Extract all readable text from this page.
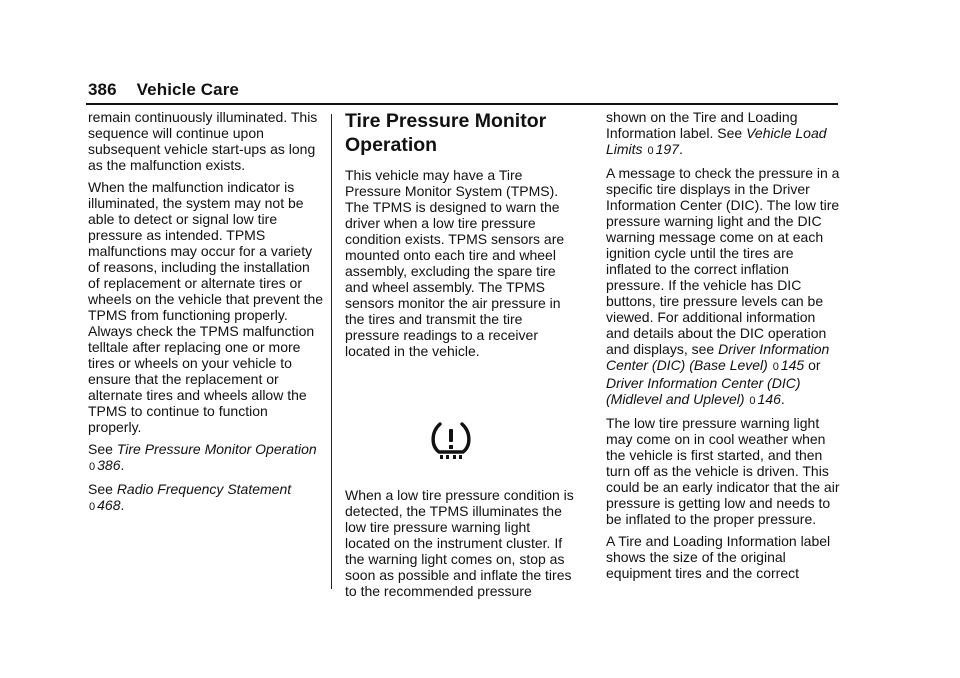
386 Vehicle Care

remain continuously illuminated. This sequence will continue upon subsequent vehicle start-ups as long as the malfunction exists.

When the malfunction indicator is illuminated, the system may not be able to detect or signal low tire pressure as intended. TPMS malfunctions may occur for a variety of reasons, including the installation of replacement or alternate tires or wheels on the vehicle that prevent the TPMS from functioning properly. Always check the TPMS malfunction telltale after replacing one or more tires or wheels on your vehicle to ensure that the replacement or alternate tires and wheels allow the TPMS to continue to function properly.

See Tire Pressure Monitor Operation 0 386.

See Radio Frequency Statement 0 468.

Tire Pressure Monitor Operation

This vehicle may have a Tire Pressure Monitor System (TPMS). The TPMS is designed to warn the driver when a low tire pressure condition exists. TPMS sensors are mounted onto each tire and wheel assembly, excluding the spare tire and wheel assembly. The TPMS sensors monitor the air pressure in the tires and transmit the tire pressure readings to a receiver located in the vehicle.

When a low tire pressure condition is detected, the TPMS illuminates the low tire pressure warning light located on the instrument cluster. If the warning light comes on, stop as soon as possible and inflate the tires to the recommended pressure

shown on the Tire and Loading Information label. See Vehicle Load Limits 0 197.

A message to check the pressure in a specific tire displays in the Driver Information Center (DIC). The low tire pressure warning light and the DIC warning message come on at each ignition cycle until the tires are inflated to the correct inflation pressure. If the vehicle has DIC buttons, tire pressure levels can be viewed. For additional information and details about the DIC operation and displays, see Driver Information Center (DIC) (Base Level) 0 145 or Driver Information Center (DIC) (Midlevel and Uplevel) 0 146.

The low tire pressure warning light may come on in cool weather when the vehicle is first started, and then turn off as the vehicle is driven. This could be an early indicator that the air pressure is getting low and needs to be inflated to the proper pressure.

A Tire and Loading Information label shows the size of the original equipment tires and the correct
